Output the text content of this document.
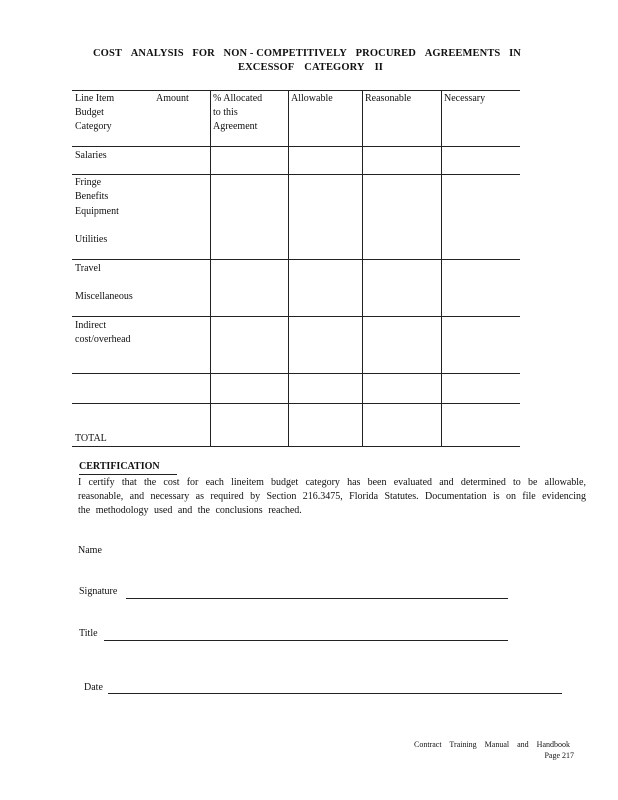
COST ANALYSIS FOR NON - COMPETITIVELY PROCURED AGREEMENTS IN
EXCESSOF CATEGORY II
Line Item
Budget
Category
Amount % Allocated
to this
Agreement
Allowable	Reasonable	Necessary
Salaries
Fringe
Benefits
Equipment
Utilities
Travel
Miscellaneous
Indirect
cost/overhead
TOTAL
CERTIFICATION
I certify that the cost for each lineitem budget category has been evaluated and determined to be allowable, reasonable, and necessary as required by Section 216.3475, Florida Statutes. Documentation is on file evidencing the methodology used and the conclusions reached.
Name
Signature
Title
Date
Contract Training Manual and Handbook
Page 217
